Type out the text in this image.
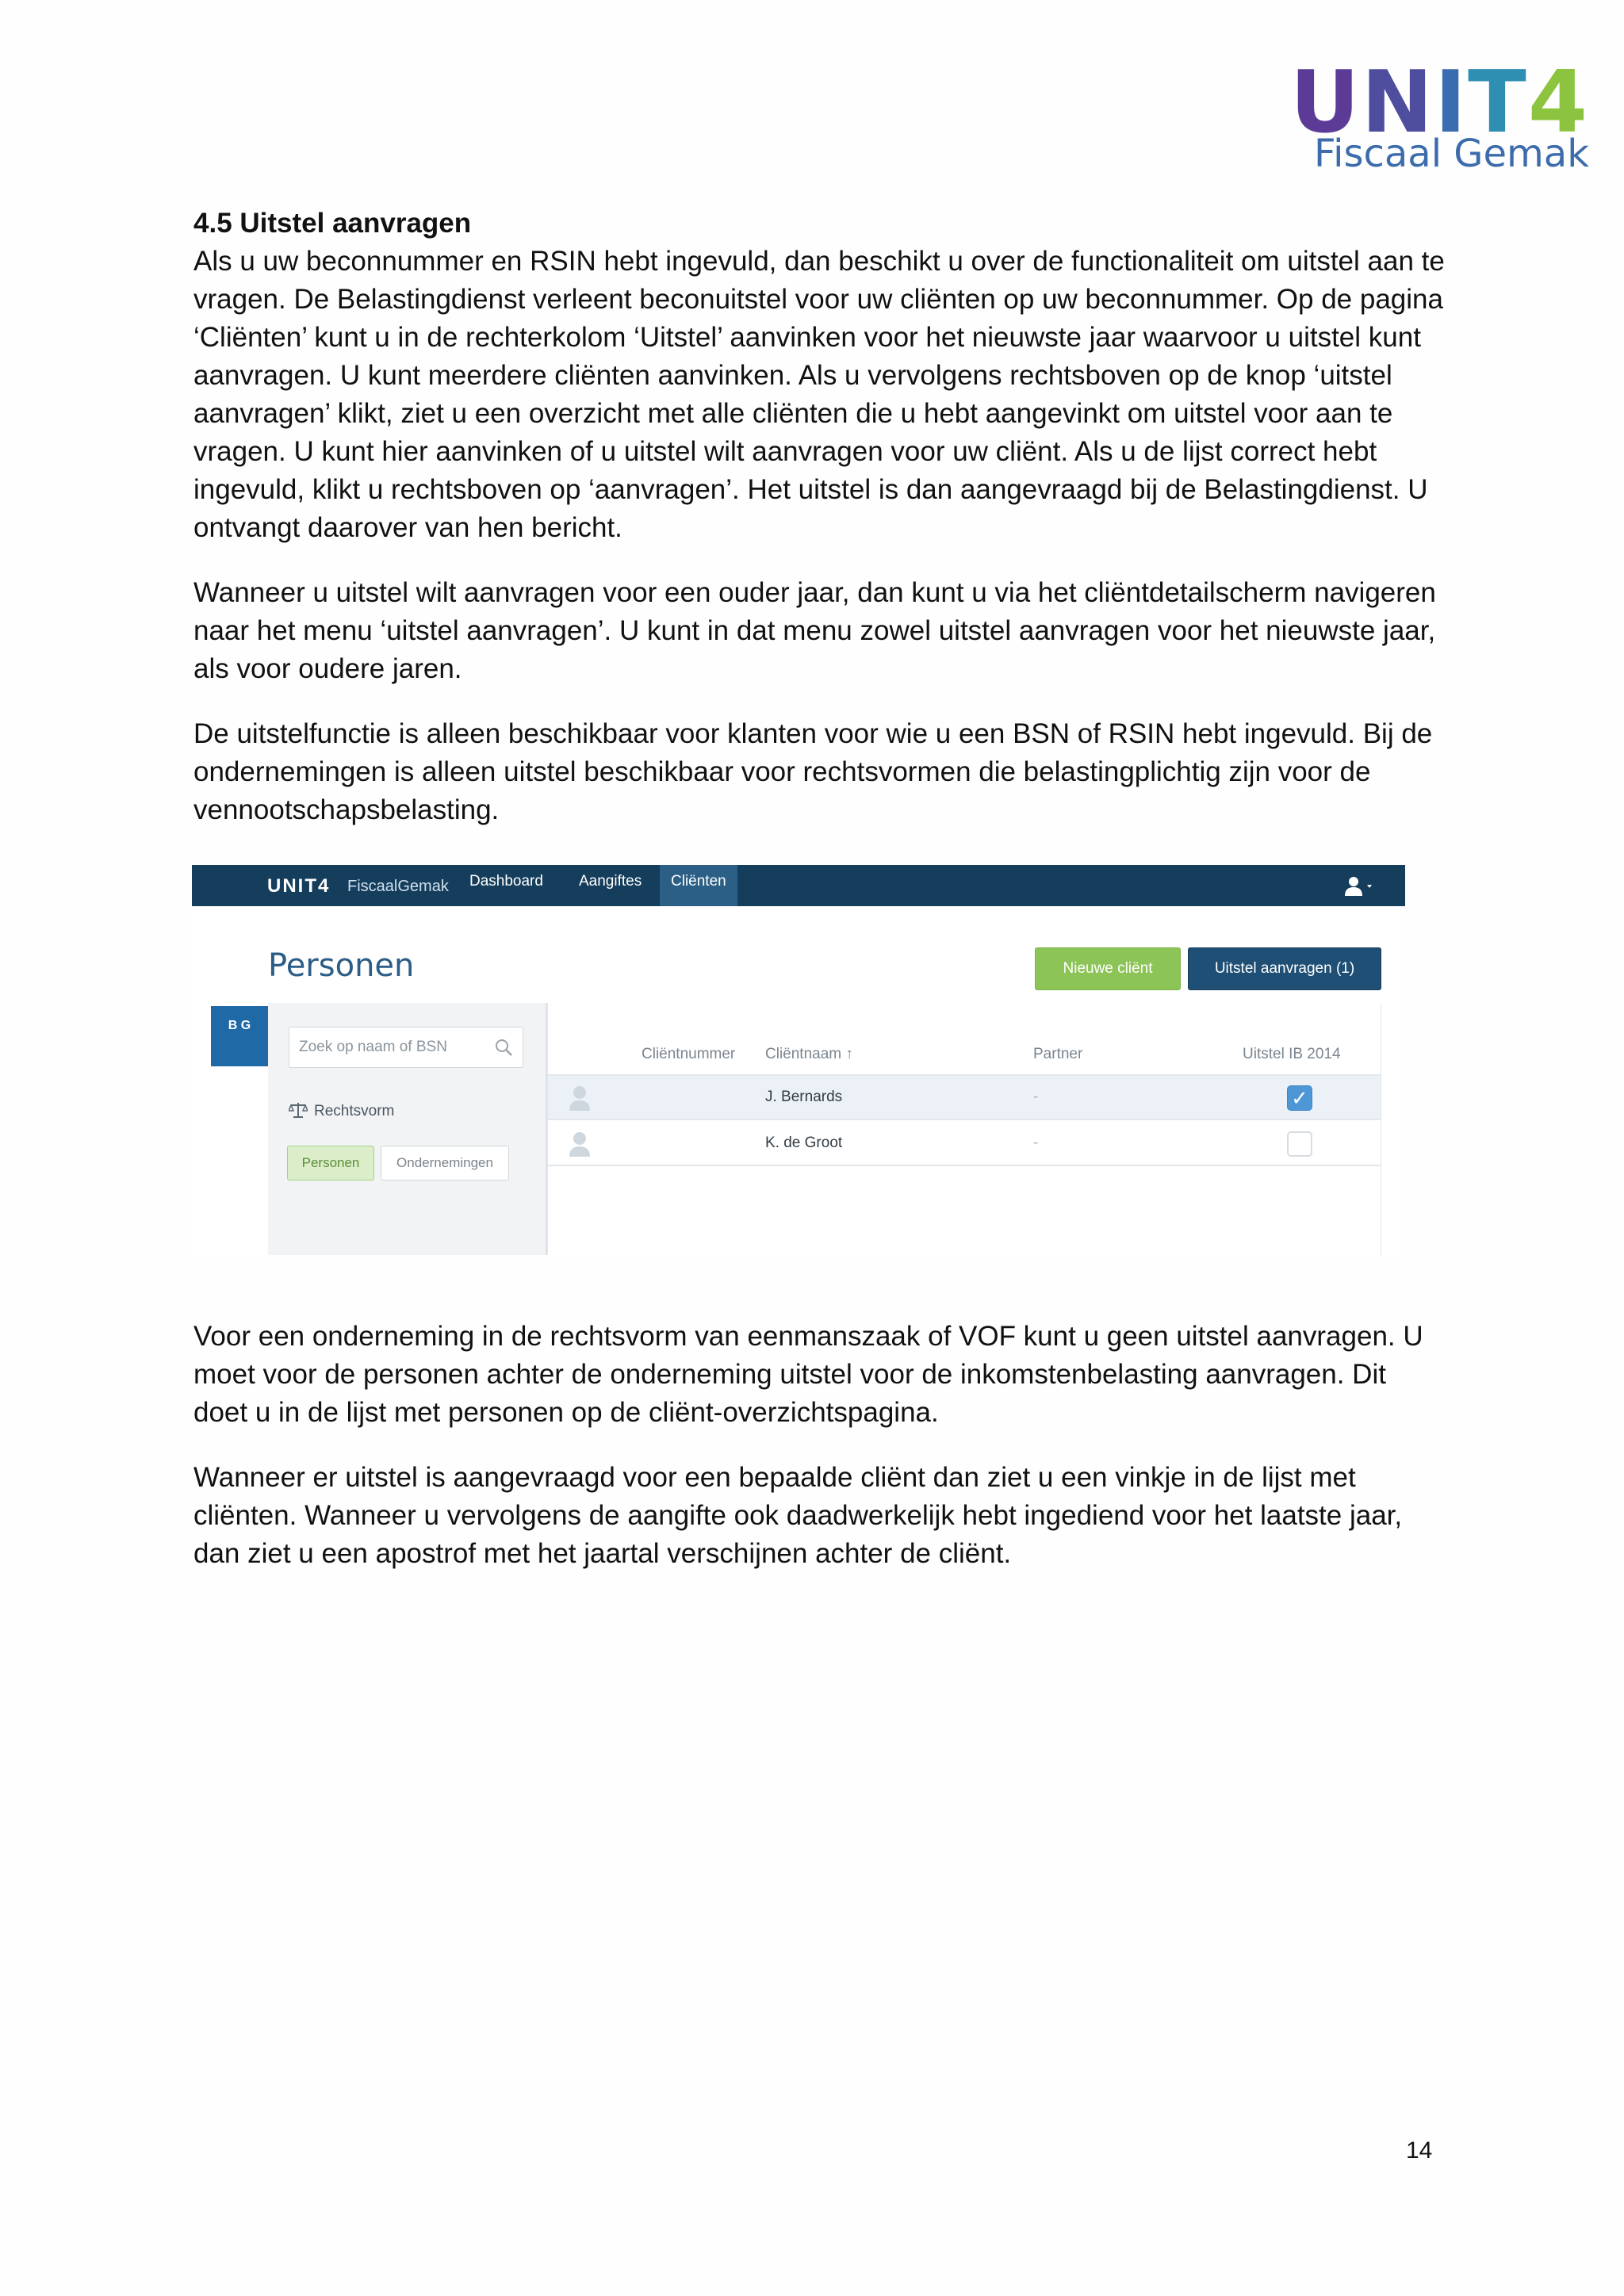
UNIT4
Fiscaal Gemak
4.5 Uitstel aanvragen

Als u uw beconnummer en RSIN hebt ingevuld, dan beschikt u over de functionaliteit om uitstel aan te vragen. De Belastingdienst verleent beconuitstel voor uw cliënten op uw beconnummer. Op de pagina ‘Cliënten’ kunt u in de rechterkolom ‘Uitstel’ aanvinken voor het nieuwste jaar waarvoor u uitstel kunt aanvragen. U kunt meerdere cliënten aanvinken. Als u vervolgens rechtsboven op de knop ‘uitstel aanvragen’ klikt, ziet u een overzicht met alle cliënten die u hebt aangevinkt om uitstel voor aan te vragen. U kunt hier aanvinken of u uitstel wilt aanvragen voor uw cliënt. Als u de lijst correct hebt ingevuld, klikt u rechtsboven op ‘aanvragen’. Het uitstel is dan aangevraagd bij de Belastingdienst. U ontvangt daarover van hen bericht.

Wanneer u uitstel wilt aanvragen voor een ouder jaar, dan kunt u via het cliëntdetailscherm navigeren naar het menu ‘uitstel aanvragen’. U kunt in dat menu zowel uitstel aanvragen voor het nieuwste jaar, als voor oudere jaren.

De uitstelfunctie is alleen beschikbaar voor klanten voor wie u een BSN of RSIN hebt ingevuld. Bij de ondernemingen is alleen uitstel beschikbaar voor rechtsvormen die belastingplichtig zijn voor de vennootschapsbelasting.

UNIT4 FiscaalGemak	Dashboard	Aangiftes	Cliënten
Personen	Nieuwe cliënt	Uitstel aanvragen (1)
B G
Zoek op naam of BSN
Rechtsvorm
Personen	Ondernemingen
Cliëntnummer Cliëntnaam ↑	Partner	Uitstel IB 2014
J. Bernards	-	✓
K. de Groot	-

Voor een onderneming in de rechtsvorm van eenmanszaak of VOF kunt u geen uitstel aanvragen. U moet voor de personen achter de onderneming uitstel voor de inkomstenbelasting aanvragen. Dit doet u in de lijst met personen op de cliënt-overzichtspagina.

Wanneer er uitstel is aangevraagd voor een bepaalde cliënt dan ziet u een vinkje in de lijst met cliënten. Wanneer u vervolgens de aangifte ook daadwerkelijk hebt ingediend voor het laatste jaar, dan ziet u een apostrof met het jaartal verschijnen achter de cliënt.

14
